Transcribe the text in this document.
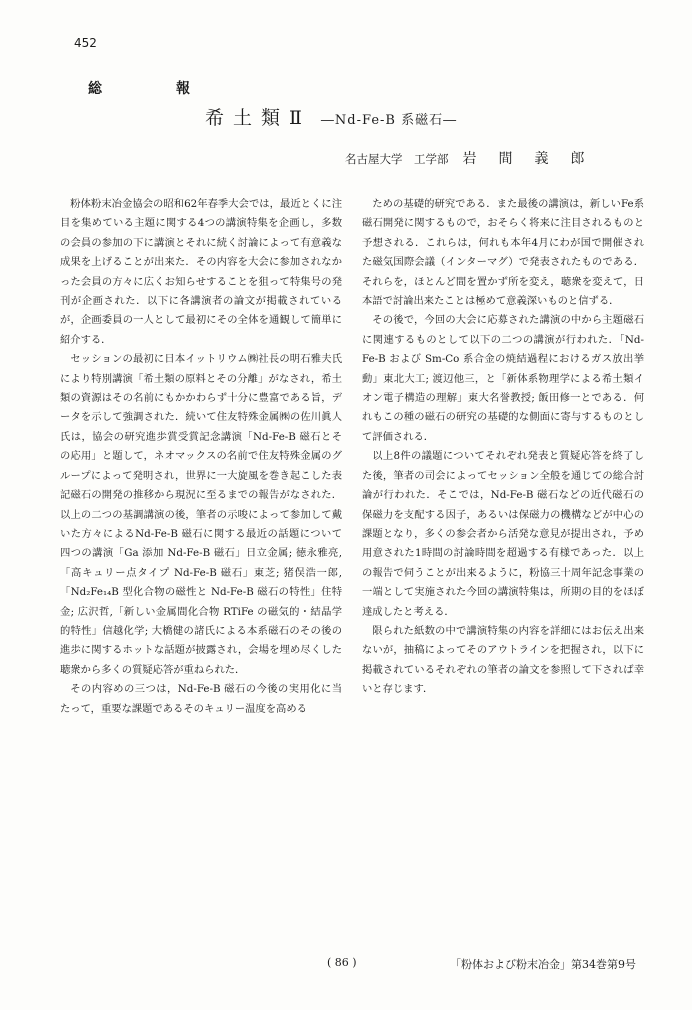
452
総　報
希土類Ⅱ ―Nd-Fe-B 系磁石―
名古屋大学　工学部 岩間義郎

粉体粉末冶金協会の昭和62年春季大会では，最近とくに注目を集めている主題に関する4つの講演特集を企画し，多数の会員の参加の下に講演とそれに続く討論によって有意義な成果を上げることが出来た．その内容を大会に参加されなかった会員の方々に広くお知らせすることを狙って特集号の発刊が企画された．以下に各講演者の論文が掲載されているが，企画委員の一人として最初にその全体を通観して簡単に紹介する．

セッションの最初に日本イットリウム㈱社長の明石雅夫氏により特別講演「希土類の原料とその分離」がなされ，希土類の資源はその名前にもかかわらず十分に豊富である旨，データを示して強調された．続いて住友特殊金属㈱の佐川眞人氏は，協会の研究進歩賞受賞記念講演「Nd-Fe-B 磁石とその応用」と題して，ネオマックスの名前で住友特殊金属のグループによって発明され，世界に一大旋風を巻き起こした表記磁石の開発の推移から現況に至るまでの報告がなされた．以上の二つの基調講演の後，筆者の示唆によって参加して戴いた方々によるNd-Fe-B 磁石に関する最近の話題について四つの講演「Ga 添加 Nd-Fe-B 磁石」日立金属; 徳永雅亮,「高キュリー点タイプ Nd-Fe-B 磁石」東芝; 猪俣浩一郎,「Nd₂Fe₁₄B 型化合物の磁性と Nd-Fe-B 磁石の特性」住特金; 広沢哲,「新しい金属間化合物 RTiFe の磁気的・結晶学的特性」信越化学; 大橋健の諸氏による本系磁石のその後の進歩に関するホットな話題が披露され，会場を埋め尽くした聴衆から多くの質疑応答が重ねられた．

その内容めの三つは，Nd-Fe-B 磁石の今後の実用化に当たって，重要な課題であるそのキュリー温度を高める

ための基礎的研究である．また最後の講演は，新しいFe系磁石開発に関するもので，おそらく将来に注目されるものと予想される．これらは，何れも本年4月にわが国で開催された磁気国際会議（インターマグ）で発表されたものである．それらを，ほとんど間を置かず所を変え，聴衆を変えて，日本語で討論出来たことは極めて意義深いものと信ずる．

その後で，今回の大会に応募された講演の中から主題磁石に関連するものとして以下の二つの講演が行われた．「Nd-Fe-B および Sm-Co 系合金の焼結過程におけるガス放出挙動」東北大工; 渡辺他三，と「新体系物理学による希土類イオン電子構造の理解」東大名誉教授; 飯田修一とである．何れもこの種の磁石の研究の基礎的な側面に寄与するものとして評価される．

以上8件の議題についてそれぞれ発表と質疑応答を終了した後，筆者の司会によってセッション全般を通じての総合討論が行われた．そこでは，Nd-Fe-B 磁石などの近代磁石の保磁力を支配する因子，あるいは保磁力の機構などが中心の課題となり，多くの参会者から活発な意見が提出され，予め用意された1時間の討論時間を超過する有様であった．以上の報告で伺うことが出来るように，粉協三十周年記念事業の一端として実施された今回の講演特集は，所期の目的をほぼ達成したと考える．

限られた紙数の中で講演特集の内容を詳細にはお伝え出来ないが，抽稿によってそのアウトラインを把握され，以下に掲載されているそれぞれの筆者の論文を参照して下されば幸いと存じます．

( 86 )	「粉体および粉末冶金」第34巻第9号
